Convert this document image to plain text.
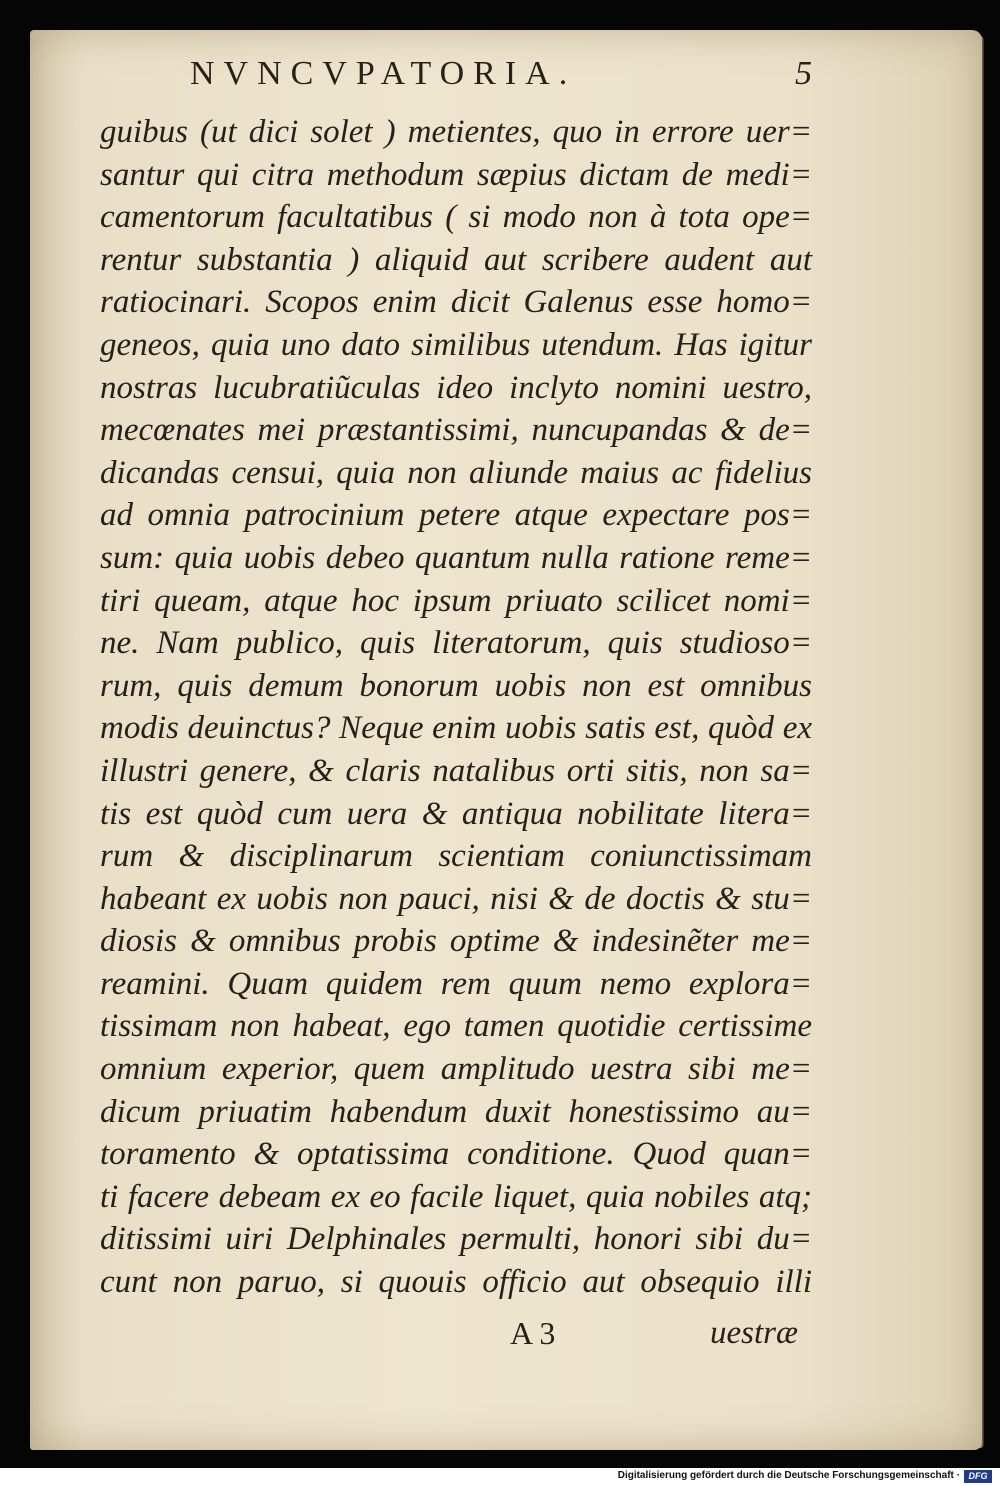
NVNCVPATORIA.	5
guibus (ut dici solet ) metientes, quo in errore uer=
santur qui citra methodum sæpius dictam de medi=
camentorum facultatibus ( si modo non à tota ope=
rentur substantia ) aliquid aut scribere audent aut
ratiocinari. Scopos enim dicit Galenus esse homo=
geneos, quia uno dato similibus utendum. Has igitur
nostras lucubratiũculas ideo inclyto nomini uestro,
mecœnates mei præstantissimi, nuncupandas & de=
dicandas censui, quia non aliunde maius ac fidelius
ad omnia patrocinium petere atque expectare pos=
sum: quia uobis debeo quantum nulla ratione reme=
tiri queam, atque hoc ipsum priuato scilicet nomi=
ne. Nam publico, quis literatorum, quis studioso=
rum, quis demum bonorum uobis non est omnibus
modis deuinctus? Neque enim uobis satis est, quòd ex
illustri genere, & claris natalibus orti sitis, non sa=
tis est quòd cum uera & antiqua nobilitate litera=
rum & disciplinarum scientiam coniunctissimam
habeant ex uobis non pauci, nisi & de doctis & stu=
diosis & omnibus probis optime & indesinẽter me=
reamini. Quam quidem rem quum nemo explora=
tissimam non habeat, ego tamen quotidie certissime
omnium experior, quem amplitudo uestra sibi me=
dicum priuatim habendum duxit honestissimo au=
toramento & optatissima conditione. Quod quan=
ti facere debeam ex eo facile liquet, quia nobiles atq;
ditissimi uiri Delphinales permulti, honori sibi du=
cunt non paruo, si quouis officio aut obsequio illi
A 3	uestræ
Digitalisierung gefördert durch die Deutsche Forschungsgemeinschaft · DFG
